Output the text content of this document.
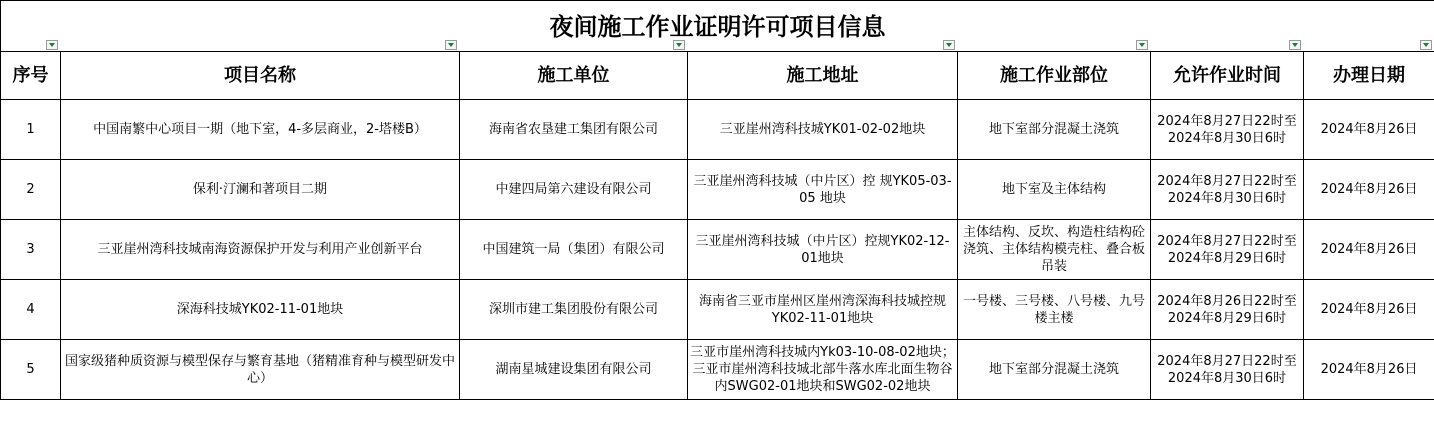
夜间施工作业证明许可项目信息						

序号	项目名称	施工单位	施工地址	施工作业部位	允许作业时间	办理日期
1	中国南繁中心项目一期（地下室，4-多层商业，2-塔楼B）	海南省农垦建工集团有限公司	三亚崖州湾科技城YK01-02-02地块	地下室部分混凝土浇筑	2024年8月27日22时至2024年8月30日6时	2024年8月26日
2	保利·汀澜和著项目二期	中建四局第六建设有限公司	三亚崖州湾科技城（中片区）控 规YK05-03-05 地块	地下室及主体结构	2024年8月27日22时至2024年8月30日6时	2024年8月26日
3	三亚崖州湾科技城南海资源保护开发与利用产业创新平台	中国建筑一局（集团）有限公司	三亚崖州湾科技城（中片区）控规YK02-12-01地块	主体结构、反坎、构造柱结构砼浇筑、主体结构模壳柱、叠合板吊装	2024年8月27日22时至2024年8月29日6时	2024年8月26日
4	深海科技城YK02-11-01地块	深圳市建工集团股份有限公司	海南省三亚市崖州区崖州湾深海科技城控规YK02-11-01地块	一号楼、三号楼、八号楼、九号楼主楼	2024年8月26日22时至2024年8月29日6时	2024年8月26日
5	国家级猪种质资源与模型保存与繁育基地（猪精准育种与模型研发中心）	湖南星城建设集团有限公司	三亚市崖州湾科技城内Yk03-10-08-02地块；三亚市崖州湾科技城北部牛落水库北面生物谷内SWG02-01地块和SWG02-02地块	地下室部分混凝土浇筑	2024年8月27日22时至2024年8月30日6时	2024年8月26日
